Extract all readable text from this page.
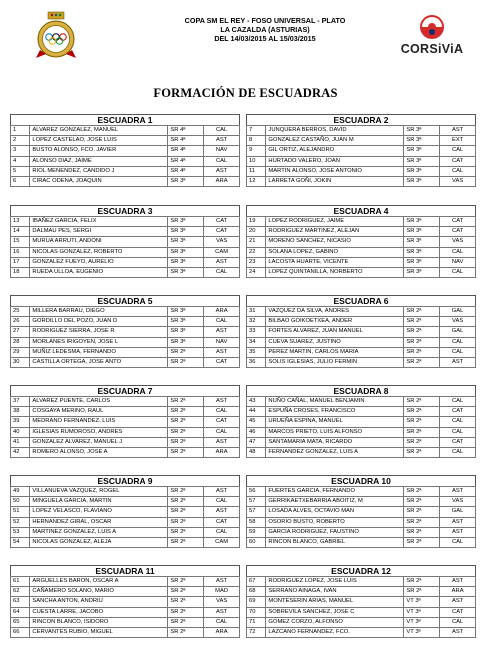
COPA SM EL REY - FOSO UNIVERSAL - PLATO
LA CAZALDA (ASTURIAS)
DEL 14/03/2015 AL 15/03/2015
CORSiViA
FORMACIÓN DE ESCUADRAS
ESCUADRA 1
1	ALVAREZ GONZALEZ, MANUEL	SR 4ª	CAL
2	LOPEZ CASTELAO, JOSE LUIS	SR 4ª	AST
3	BUSTO ALONSO, FCO. JAVIER	SR 4ª	NAV
4	ALONSO DIAZ, JAIME	SR 4ª	CAL
5	RIOL MENENDEZ, CANDIDO J	SR 4ª	AST
6	CIRAC ODENA, JOAQUIN	SR 3ª	ARA
ESCUADRA 2
7	JUNQUERA BERROS, DAVID	SR 3ª	AST
8	GONZALEZ CASTAÑO, JUAN M	SR 3ª	EXT
9	GIL ORTIZ, ALEJANDRO	SR 3ª	CAL
10	HURTADO VALERO, JOAN	SR 3ª	CAT
11	MARTIN ALONSO, JOSE ANTONIO	SR 3ª	CAL
12	LARRETA GOÑI, JOKIN	SR 3ª	VAS
ESCUADRA 3
13	IBAÑEZ GARCIA, FELIX	SR 3ª	CAT
14	DALMAU PES, SERGI	SR 3ª	CAT
15	MURUA ARRUTI, ANDONI	SR 3ª	VAS
16	NICOLAS GONZALEZ, ROBERTO	SR 3ª	CAM
17	GONZALEZ FUEYO, AURELIO	SR 3ª	AST
18	RUEDA ULLOA, EUGENIO	SR 3ª	CAL
ESCUADRA 4
19	LOPEZ RODRIGUEZ, JAIME	SR 3ª	CAT
20	RODRIGUEZ MARTINEZ, ALEJAN	SR 3ª	CAT
21	MORENO SANCHEZ, NICASIO	SR 3ª	VAS
22	SOLANA LOPEZ, GABINO	SR 3ª	CAL
23	LACOSTA HUARTE, VICENTE	SR 3ª	NAV
24	LOPEZ QUINTANILLA, NORBERTO	SR 3ª	CAL
ESCUADRA 5
25	MILLERA BARRAU, DIEGO	SR 3ª	ARA
26	GORDILLO DEL POZO, JUAN D	SR 3ª	CAL
27	RODRIGUEZ SIERRA, JOSE R	SR 3ª	AST
28	MORLANES IRIGOYEN, JOSE L	SR 3ª	NAV
29	MUÑIZ LEDESMA, FERNANDO	SR 2ª	AST
30	CASTILLA ORTEGA, JOSE ANTO	SR 2ª	CAT
ESCUADRA 6
31	VAZQUEZ DA SILVA, ANDRES	SR 2ª	GAL
32	BILBAO GOIKOETXEA, ANDER	SR 2ª	VAS
33	FORTES ALVAREZ, JUAN MANUEL	SR 2ª	GAL
34	CUEVA SUAREZ, JUSTINO	SR 2ª	CAL
35	PEREZ MARTIN, CARLOS MARIA	SR 2ª	CAL
36	SOLIS IGLESIAS, JULIO FERMIN	SR 2ª	AST
ESCUADRA 7
37	ALVAREZ PUENTE, CARLOS	SR 2ª	AST
38	COSGAYA MERINO, RAUL	SR 2ª	CAL
39	MEDRANO FERNANDEZ, LUIS	SR 2ª	CAT
40	IGLESIAS RUMOROSO, ANDRES	SR 2ª	CAL
41	GONZALEZ ALVAREZ, MANUEL J	SR 2ª	AST
42	ROMERO ALONSO, JOSE A	SR 2ª	ARA
ESCUADRA 8
43	NUÑO CAÑAL, MANUEL BENJAMIN	SR 2ª	CAL
44	ESPUÑA CROSES, FRANCISCO	SR 2ª	CAT
45	URUEÑA ESPINA, MANUEL	SR 2ª	CAL
46	MARCOS PRIETO, LUIS ALFONSO	SR 2ª	CAL
47	SANTAMARIA MATA, RICARDO	SR 2ª	CAT
48	FERNANDEZ GONZALEZ, LUIS A	SR 2ª	CAL
ESCUADRA 9
49	VILLANUEVA VAZQUEZ, ROGEL	SR 2ª	AST
50	MINGUELA GARCIA, MARTIN	SR 2ª	CAL
51	LOPEZ VELASCO, FLAVIANO	SR 2ª	AST
52	HERNANDEZ GIRAL, OSCAR	SR 2ª	CAT
53	MARTINEZ GONZALEZ, LUIS A	SR 2ª	CAL
54	NICOLAS GONZALEZ, ALEJA	SR 2ª	CAM
ESCUADRA 10
56	FUERTES GARCIA, FERNANDO	SR 2ª	AST
57	GERRIKAETXEBARRIA ABOITIZ, M	SR 2ª	VAS
57	LOSADA ALVES, OCTAVIO MAN	SR 2ª	GAL
58	OSORIO BUSTO, ROBERTO	SR 2ª	AST
59	GARCIA RODRIGUEZ, FAUSTINO	SR 2ª	AST
60	RINCON BLANCO, GABRIEL	SR 2ª	CAL
ESCUADRA 11
61	ARGUELLES BARON, OSCAR A	SR 2ª	AST
62	CAÑAMERO SOLANO, MARIO	SR 2ª	MAD
63	SANCHA ANTON, ANDRIU	SR 2ª	VAS
64	CUESTA LARRE, JACOBO	SR 2ª	AST
65	RINCON BLANCO, ISIDORO	SR 2ª	CAL
66	CERVANTES RUBIO, MIGUEL	SR 2ª	ARA
ESCUADRA 12
67	RODRIGUEZ LOPEZ, JOSE LUIS	SR 2ª	AST
68	SERRANO AINAGA, IVAN	SR 2ª	ARA
69	MONTESERIN ARIAS, MANUEL	VT 3ª	AST
70	SOBREVILA SANCHEZ, JOSE C	VT 3ª	CAT
71	GOMEZ CORZO, ALFONSO	VT 3ª	CAL
72	LAZCANO FERNANDEZ, FCO.	VT 3ª	AST
